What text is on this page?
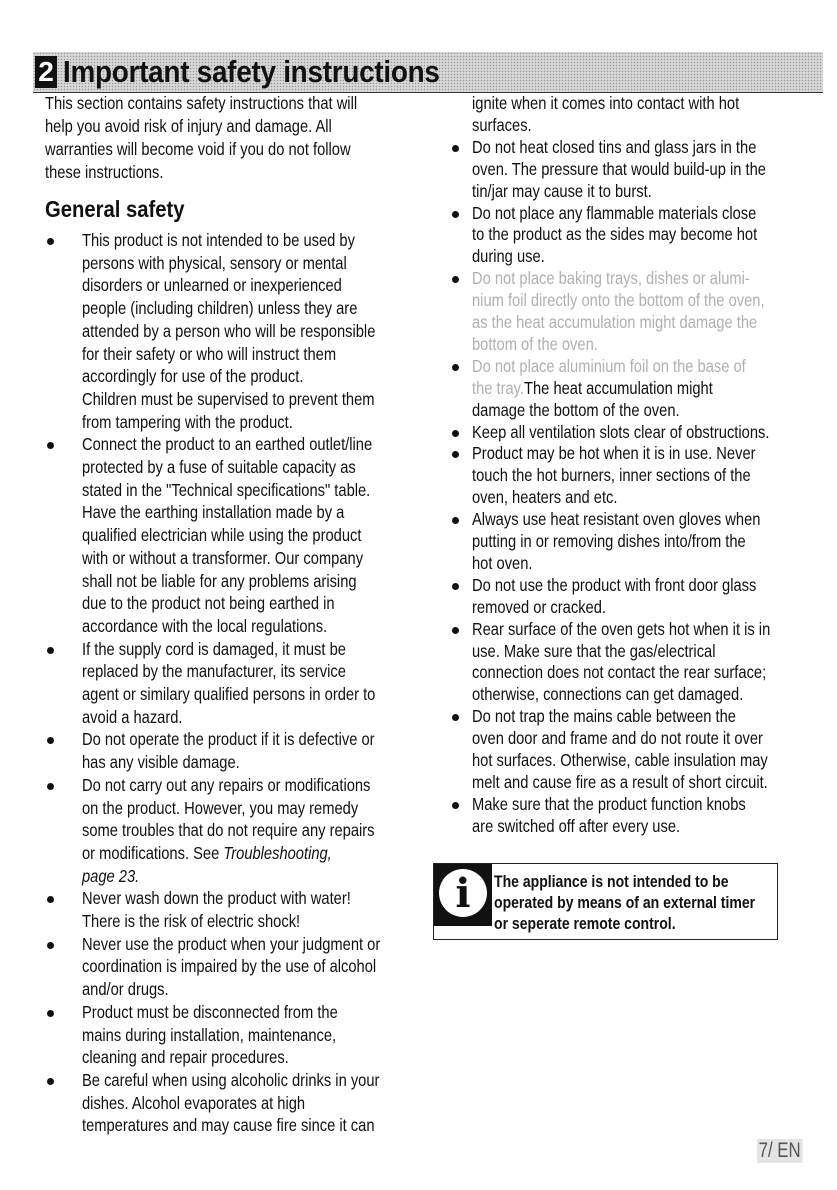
2 Important safety instructions
This section contains safety instructions that will
help you avoid risk of injury and damage. All
warranties will become void if you do not follow
these instructions.
This product is not intended to be used by
persons with physical, sensory or mental
disorders or unlearned or inexperienced
people (including children) unless they are
attended by a person who will be responsible
for their safety or who will instruct them
accordingly for use of the product.
Children must be supervised to prevent them
from tampering with the product.
Connect the product to an earthed outlet/line
protected by a fuse of suitable capacity as
stated in the "Technical specifications" table.
Have the earthing installation made by a
qualified electrician while using the product
with or without a transformer. Our company
shall not be liable for any problems arising
due to the product not being earthed in
accordance with the local regulations.
If the supply cord is damaged, it must be
replaced by the manufacturer, its service
agent or similary qualified persons in order to
avoid a hazard.
Do not operate the product if it is defective or
has any visible damage.
Do not carry out any repairs or modifications
on the product. However, you may remedy
some troubles that do not require any repairs
or modifications. See Troubleshooting,
page 23.
Never wash down the product with water!
There is the risk of electric shock!
Never use the product when your judgment or
coordination is impaired by the use of alcohol
and/or drugs.
Product must be disconnected from the
mains during installation, maintenance,
cleaning and repair procedures.
Be careful when using alcoholic drinks in your
dishes. Alcohol evaporates at high
temperatures and may cause fire since it can
General safety
ignite when it comes into contact with hot
surfaces.
Do not heat closed tins and glass jars in the
oven. The pressure that would build-up in the
tin/jar may cause it to burst.
Do not place any flammable materials close
to the product as the sides may become hot
during use.
Do not place baking trays, dishes or alumi-
nium foil directly onto the bottom of the oven,
as the heat accumulation might damage the
bottom of the oven.
Do not place aluminium foil on the base of
the tray.The heat accumulation might
damage the bottom of the oven.
Keep all ventilation slots clear of obstructions.
Product may be hot when it is in use. Never
touch the hot burners, inner sections of the
oven, heaters and etc.
Always use heat resistant oven gloves when
putting in or removing dishes into/from the
hot oven.
Do not use the product with front door glass
removed or cracked.
Rear surface of the oven gets hot when it is in
use. Make sure that the gas/electrical
connection does not contact the rear surface;
otherwise, connections can get damaged.
Do not trap the mains cable between the
oven door and frame and do not route it over
hot surfaces. Otherwise, cable insulation may
melt and cause fire as a result of short circuit.
Make sure that the product function knobs
are switched off after every use.
i	The appliance is not intended to be
operated by means of an external timer
or seperate remote control.
7/ EN
